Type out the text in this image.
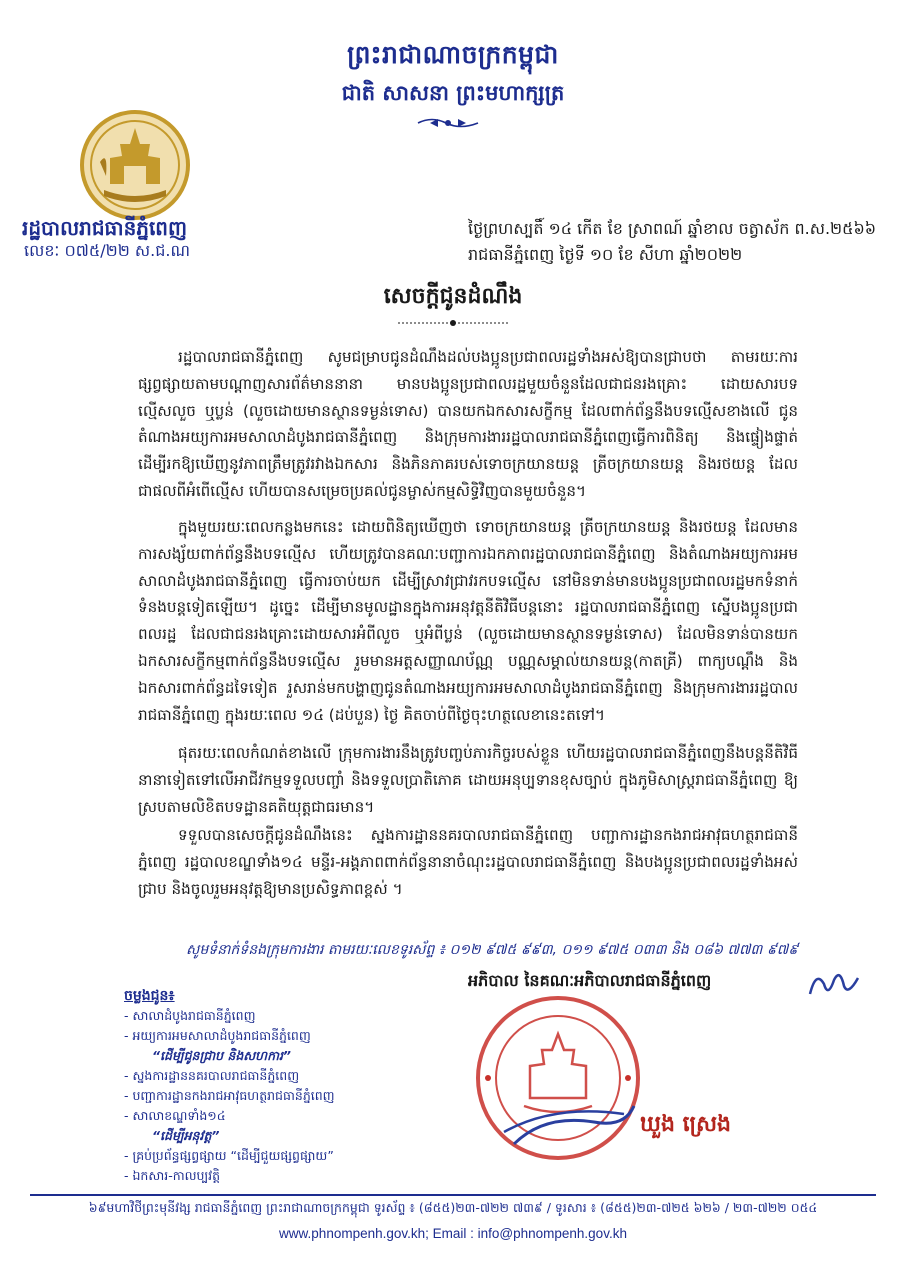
ព្រះរាជាណាចក្រកម្ពុជា
ជាតិ សាសនា ព្រះមហាក្សត្រ
រដ្ឋបាលរាជធានីភ្នំពេញ
លេខៈ ០៧៥/២២ ស.ជ.ណ
ថ្ងៃព្រហស្បតិ៍ ១៤ កើត ខែ ស្រាពណ៍ ឆ្នាំខាល ចត្វាស័ក ព.ស.២៥៦៦
រាជធានីភ្នំពេញ ថ្ងៃទី ១០ ខែ សីហា ឆ្នាំ២០២២
សេចក្តីជូនដំណឹង

រដ្ឋបាលរាជធានីភ្នំពេញ សូមជម្រាបជូនដំណឹងដល់បងប្អូនប្រជាពលរដ្ឋទាំងអស់ឱ្យបានជ្រាបថា តាមរយៈការផ្សព្វផ្សាយតាមបណ្តាញសារព័ត៌មាននានា មានបងប្អូនប្រជាពលរដ្ឋមួយចំនួនដែលជាជនរងគ្រោះ ដោយសារបទល្មើសលួច ឬប្លន់ (លួចដោយមានស្ថានទម្ងន់ទោស) បានយកឯកសារសក្ខីកម្ម ដែលពាក់ព័ន្ធនឹងបទល្មើសខាងលើ ជូនតំណាងអយ្យការអមសាលាដំបូងរាជធានីភ្នំពេញ និងក្រុមការងាររដ្ឋបាលរាជធានីភ្នំពេញធ្វើការពិនិត្យ និងផ្ទៀងផ្ទាត់ ដើម្បីរកឱ្យឃើញនូវភាពត្រឹមត្រូវរវាងឯកសារ និងភិនភាគរបស់ទោចក្រយានយន្ត ត្រីចក្រយានយន្ត និងរថយន្ត ដែលជាផលពីអំពើល្មើស ហើយបានសម្រេចប្រគល់ជូនម្ចាស់កម្មសិទ្ធិវិញបានមួយចំនួន។

ក្នុងមួយរយៈពេលកន្លងមកនេះ ដោយពិនិត្យឃើញថា ទោចក្រយានយន្ត ត្រីចក្រយានយន្ត និងរថយន្ត ដែលមានការសង្ស័យពាក់ព័ន្ធនឹងបទល្មើស ហើយត្រូវបានគណៈបញ្ជាការឯកភាពរដ្ឋបាលរាជធានីភ្នំពេញ និងតំណាងអយ្យការអមសាលាដំបូងរាជធានីភ្នំពេញ ធ្វើការចាប់យក ដើម្បីស្រាវជ្រាវរកបទល្មើស នៅមិនទាន់មានបងប្អូនប្រជាពលរដ្ឋមកទំនាក់ទំនងបន្តទៀតឡើយ។ ដូច្នេះ ដើម្បីមានមូលដ្ឋានក្នុងការអនុវត្តនីតិវិធីបន្តនោះ រដ្ឋបាលរាជធានីភ្នំពេញ ស្នើបងប្អូនប្រជាពលរដ្ឋ ដែលជាជនរងគ្រោះដោយសារអំពីលួច ឬអំពីប្លន់ (លួចដោយមានស្ថានទម្ងន់ទោស) ដែលមិនទាន់បានយកឯកសារសក្ខីកម្មពាក់ព័ន្ធនឹងបទល្មើស រួមមានអត្តសញ្ញាណប័ណ្ណ បណ្ណសម្គាល់យានយន្ត(កាតគ្រី) ពាក្យបណ្តឹង និងឯកសារពាក់ព័ន្ធដទៃទៀត រួសរាន់មកបង្ហាញជូនតំណាងអយ្យការអមសាលាដំបូងរាជធានីភ្នំពេញ និងក្រុមការងាររដ្ឋបាលរាជធានីភ្នំពេញ ក្នុងរយៈពេល ១៤ (ដប់បួន) ថ្ងៃ គិតចាប់ពីថ្ងៃចុះហត្ថលេខានេះតទៅ។

ផុតរយៈពេលកំណត់ខាងលើ ក្រុមការងារនឹងត្រូវបញ្ចប់ភារកិច្ចរបស់ខ្លួន ហើយរដ្ឋបាលរាជធានីភ្នំពេញនឹងបន្តនីតិវិធីនានាទៀតទៅលើអាជីវកម្មទទួលបញ្ចាំ និងទទួលប្រាតិភោគ ដោយអនុប្បទានខុសច្បាប់ ក្នុងភូមិសាស្ត្ររាជធានីភ្នំពេញ ឱ្យស្របតាមលិខិតបទដ្ឋានគតិយុត្តជាធរមាន។

ទទួលបានសេចក្តីជូនដំណឹងនេះ ស្នងការដ្ឋាននគរបាលរាជធានីភ្នំពេញ បញ្ជាការដ្ឋានកងរាជអាវុធហត្ថរាជធានីភ្នំពេញ រដ្ឋបាលខណ្ឌទាំង១៤ មន្ទីរ-អង្គភាពពាក់ព័ន្ធនានាចំណុះរដ្ឋបាលរាជធានីភ្នំពេញ និងបងប្អូនប្រជាពលរដ្ឋទាំងអស់ជ្រាប និងចូលរួមអនុវត្តឱ្យមានប្រសិទ្ធភាពខ្ពស់ ។

សូមទំនាក់ទំនងក្រុមការងារ តាមរយៈលេខទូរស័ព្ទ ៖ ០១២ ៩៧៥ ៩៩៣, ០១១ ៩៧៥ ០៣៣ និង ០៨៦ ៧៧៣ ៩៧៩
អភិបាល នៃគណៈអភិបាលរាជធានីភ្នំពេញ
ឃួង ស្រេង
ចម្លងជូន៖
- សាលាដំបូងរាជធានីភ្នំពេញ
- អយ្យការអមសាលាដំបូងរាជធានីភ្នំពេញ
“ដើម្បីជូនជ្រាប និងសហការ”
- ស្នងការដ្ឋាននគរបាលរាជធានីភ្នំពេញ
- បញ្ជាការដ្ឋានកងរាជអាវុធហត្ថរាជធានីភ្នំពេញ
- សាលាខណ្ឌទាំង១៤
“ដើម្បីអនុវត្ត”
- គ្រប់ប្រព័ន្ធផ្សព្វផ្សាយ “ដើម្បីជួយផ្សព្វផ្សាយ”
- ឯកសារ-កាលប្បវត្តិ
៦៩មហាវិថីព្រះមុនីវង្ស រាជធានីភ្នំពេញ ព្រះរាជាណាចក្រកម្ពុជា ទូរស័ព្ទ ៖ (៨៥៥)២៣-៧២២ ៧៣៩ / ទូរសារ ៖ (៨៥៥)២៣-៧២៥ ៦២៦ / ២៣-៧២២ ០៥៤
www.phnompenh.gov.kh; Email : info@phnompenh.gov.kh
